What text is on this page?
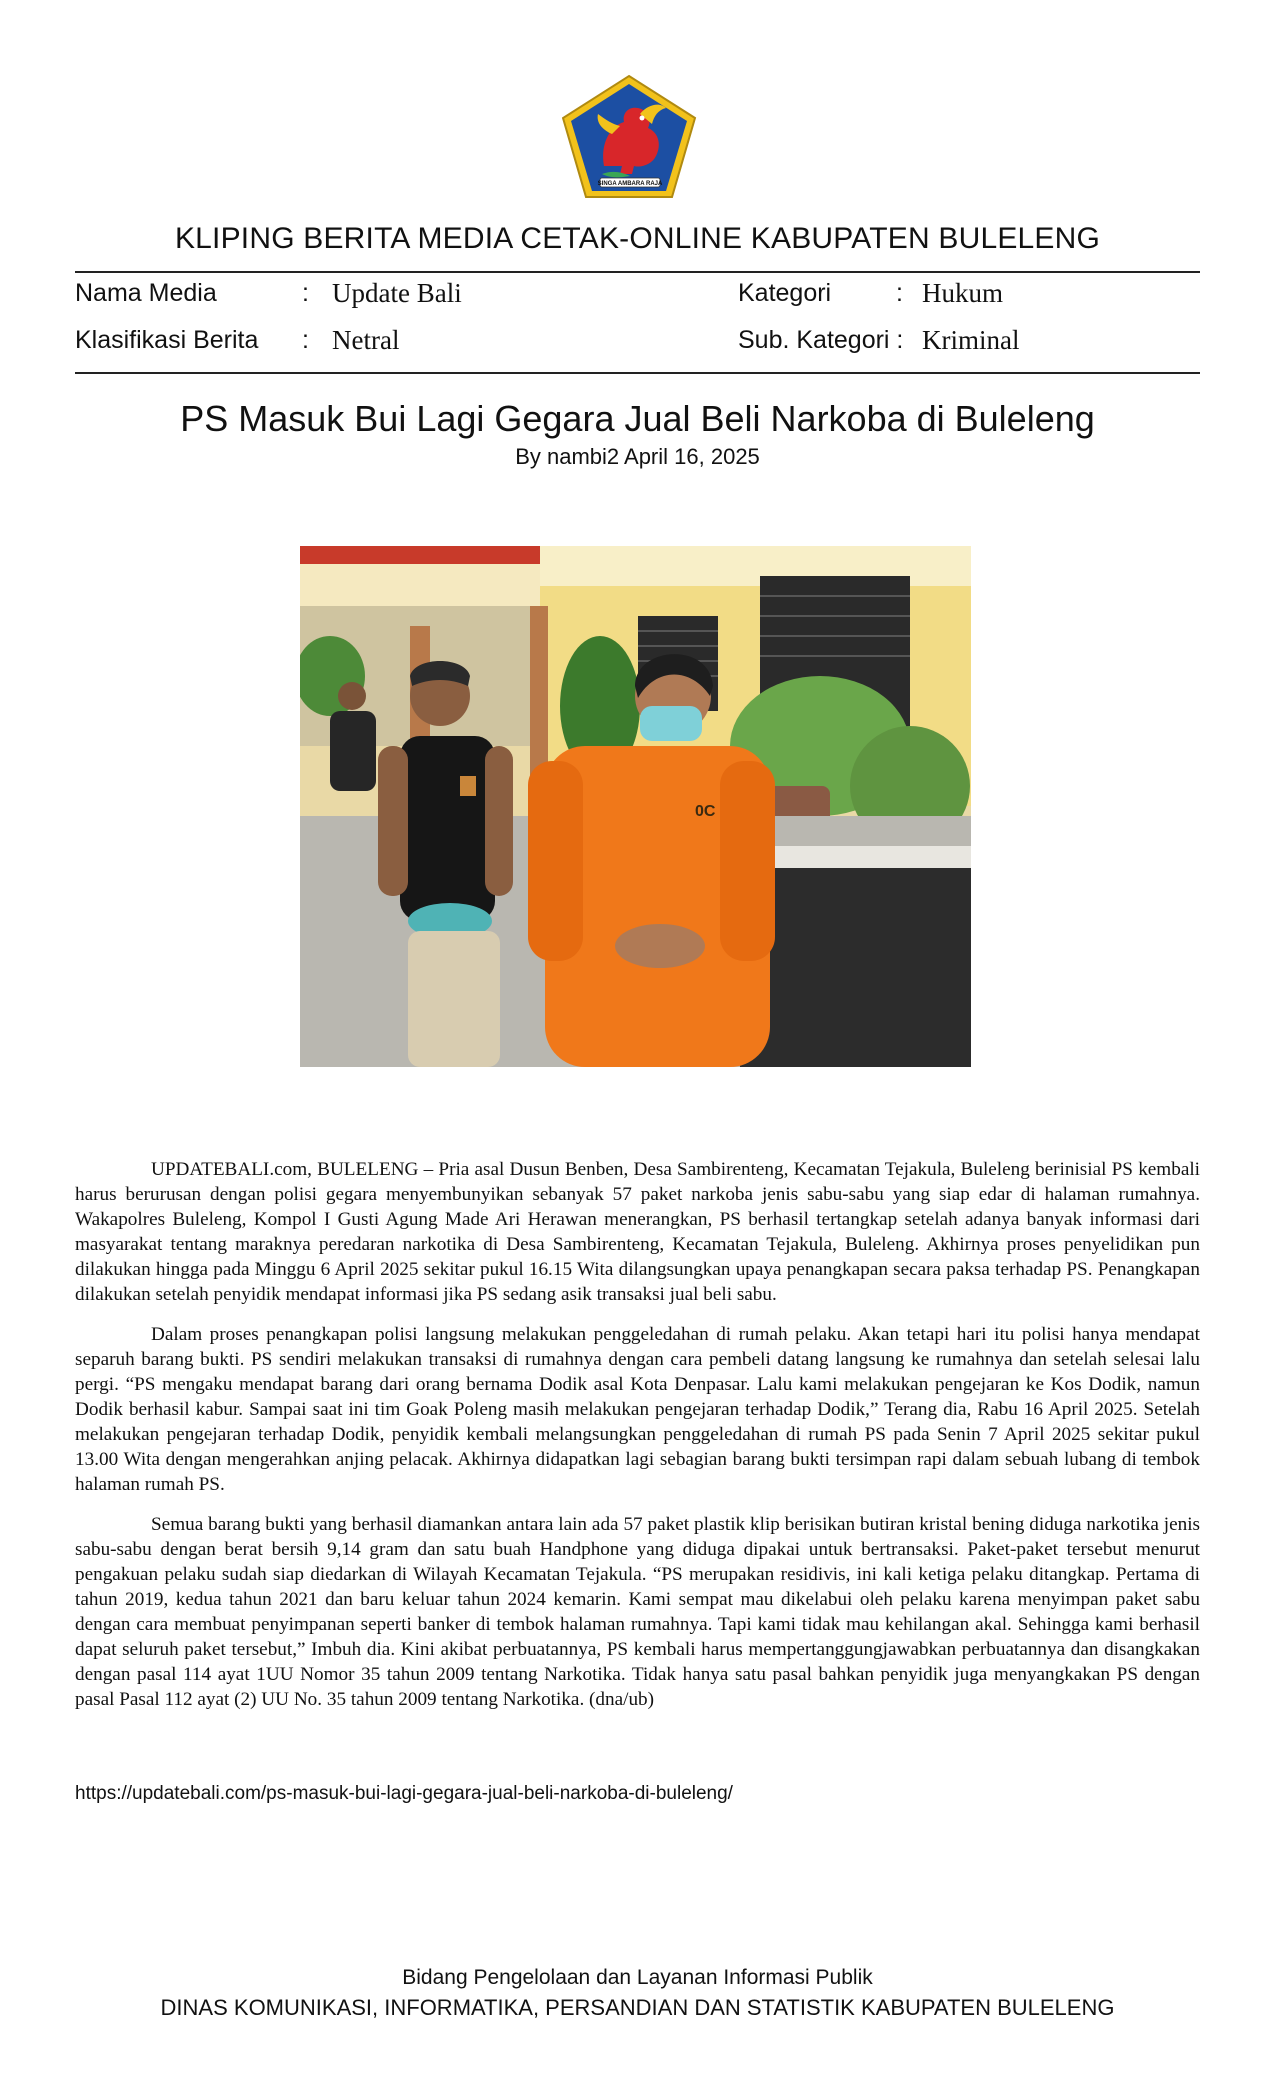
SINGA AMBARA RAJA
KLIPING BERITA MEDIA CETAK-ONLINE KABUPATEN BULELENG
Nama Media	: Update Bali
Klasifikasi Berita : Netral
Kategori	: Hukum
Sub. Kategori : Kriminal
PS Masuk Bui Lagi Gegara Jual Beli Narkoba di Buleleng
By nambi2 April 16, 2025
0C

UPDATEBALI.com, BULELENG – Pria asal Dusun Benben, Desa Sambirenteng, Kecamatan Tejakula, Buleleng berinisial PS kembali harus berurusan dengan polisi gegara menyembunyikan sebanyak 57 paket narkoba jenis sabu-sabu yang siap edar di halaman rumahnya. Wakapolres Buleleng, Kompol I Gusti Agung Made Ari Herawan menerangkan, PS berhasil tertangkap setelah adanya banyak informasi dari masyarakat tentang maraknya peredaran narkotika di Desa Sambirenteng, Kecamatan Tejakula, Buleleng. Akhirnya proses penyelidikan pun dilakukan hingga pada Minggu 6 April 2025 sekitar pukul 16.15 Wita dilangsungkan upaya penangkapan secara paksa terhadap PS. Penangkapan dilakukan setelah penyidik mendapat informasi jika PS sedang asik transaksi jual beli sabu.

Dalam proses penangkapan polisi langsung melakukan penggeledahan di rumah pelaku. Akan tetapi hari itu polisi hanya mendapat separuh barang bukti. PS sendiri melakukan transaksi di rumahnya dengan cara pembeli datang langsung ke rumahnya dan setelah selesai lalu pergi. “PS mengaku mendapat barang dari orang bernama Dodik asal Kota Denpasar. Lalu kami melakukan pengejaran ke Kos Dodik, namun Dodik berhasil kabur. Sampai saat ini tim Goak Poleng masih melakukan pengejaran terhadap Dodik,” Terang dia, Rabu 16 April 2025. Setelah melakukan pengejaran terhadap Dodik, penyidik kembali melangsungkan penggeledahan di rumah PS pada Senin 7 April 2025 sekitar pukul 13.00 Wita dengan mengerahkan anjing pelacak. Akhirnya didapatkan lagi sebagian barang bukti tersimpan rapi dalam sebuah lubang di tembok halaman rumah PS.

Semua barang bukti yang berhasil diamankan antara lain ada 57 paket plastik klip berisikan butiran kristal bening diduga narkotika jenis sabu-sabu dengan berat bersih 9,14 gram dan satu buah Handphone yang diduga dipakai untuk bertransaksi. Paket-paket tersebut menurut pengakuan pelaku sudah siap diedarkan di Wilayah Kecamatan Tejakula. “PS merupakan residivis, ini kali ketiga pelaku ditangkap. Pertama di tahun 2019, kedua tahun 2021 dan baru keluar tahun 2024 kemarin. Kami sempat mau dikelabui oleh pelaku karena menyimpan paket sabu dengan cara membuat penyimpanan seperti banker di tembok halaman rumahnya. Tapi kami tidak mau kehilangan akal. Sehingga kami berhasil dapat seluruh paket tersebut,” Imbuh dia. Kini akibat perbuatannya, PS kembali harus mempertanggungjawabkan perbuatannya dan disangkakan dengan pasal 114 ayat 1UU Nomor 35 tahun 2009 tentang Narkotika. Tidak hanya satu pasal bahkan penyidik juga menyangkakan PS dengan pasal Pasal 112 ayat (2) UU No. 35 tahun 2009 tentang Narkotika. (dna/ub)

https://updatebali.com/ps-masuk-bui-lagi-gegara-jual-beli-narkoba-di-buleleng/
Bidang Pengelolaan dan Layanan Informasi Publik
DINAS KOMUNIKASI, INFORMATIKA, PERSANDIAN DAN STATISTIK KABUPATEN BULELENG
